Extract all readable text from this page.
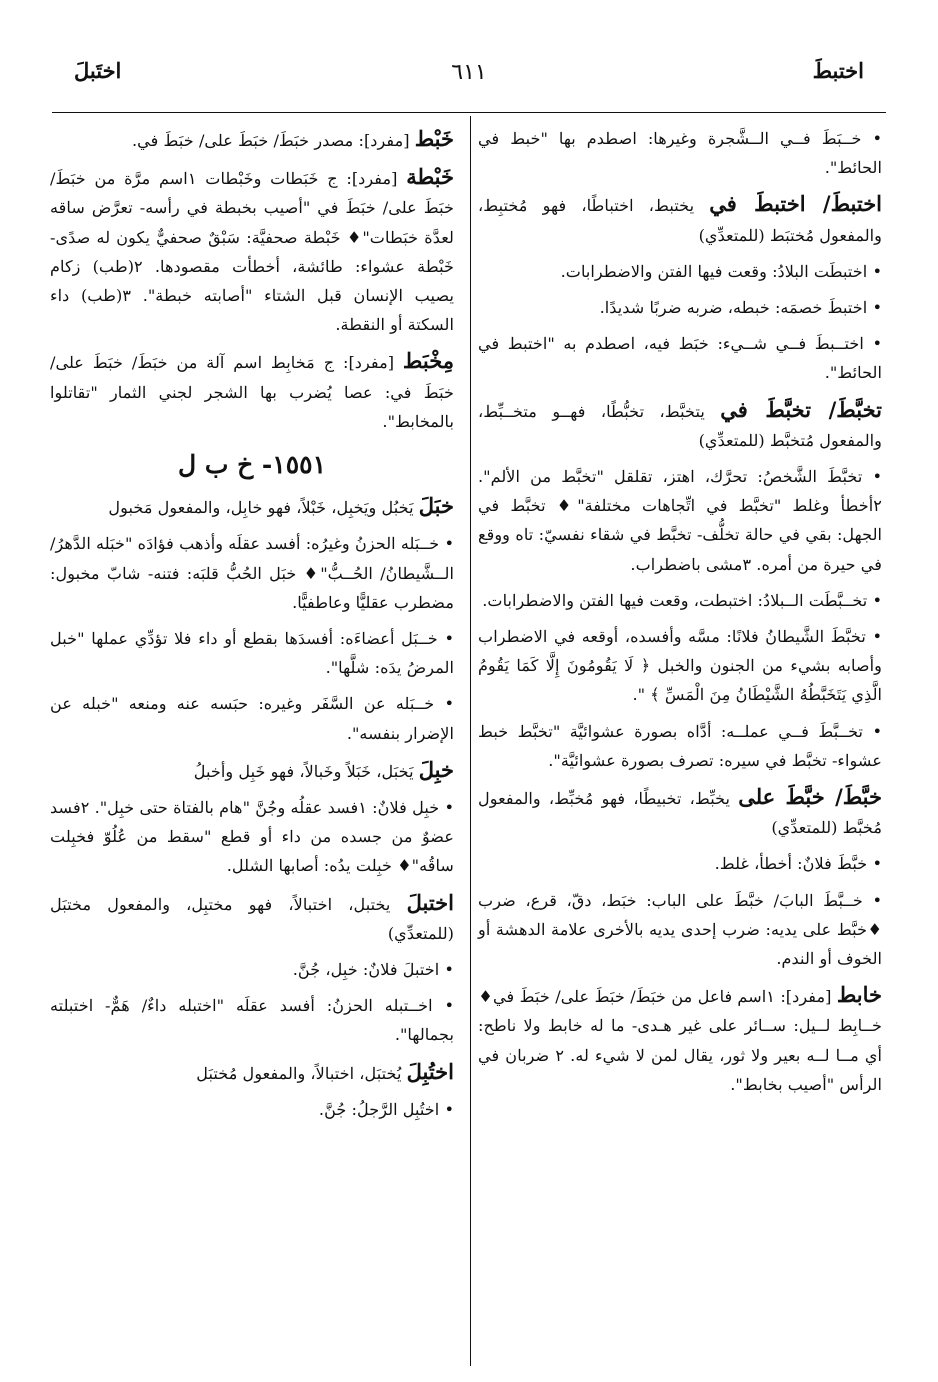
اختبطَ
٦١١
اختَبلَ

• خــبَطَ فــي الــشَّجرة وغيرها: اصطدم بها "خبط في الحائط".

اختبطَ/ اختبطَ في يختبط، اختباطًا، فهو مُختبِط، والمفعول مُختبَط (للمتعدِّي)

• اختبطَت البلادُ: وقعت فيها الفتن والاضطرابات.

• اختبطَ خصمَه: خبطه، ضربه ضربًا شديدًا.

• اختــبطَ فــي شــيء: خبَط فيه، اصطدم به "اختبط في الحائط".

تخبَّطَ/ تخبَّطَ في يتخبَّط، تخبُّطًا، فهــو متخــبِّط، والمفعول مُتخبَّط (للمتعدِّي)

• تخبَّطَ الشَّخصُ: تحرَّك، اهتز، تقلقل "تخبَّط من الألم". ٢أخطأ وغلط "تخبَّط في اتِّجاهات مختلفة"♦ تخبَّط في الجهل: بقي في حالة تخلُّف- تخبَّط في شقاء نفسيّ: تاه ووقع في حيرة من أمره. ٣مشى باضطراب.

• تخــبَّطَت الــبلادُ: اختبطت، وقعت فيها الفتن والاضطرابات.

• تخبَّطَ الشَّيطانُ فلانًا: مسَّه وأفسده، أوقعه في الاضطراب وأصابه بشيء من الجنون والخبل ﴿ لَا يَقُومُونَ إِلَّا كَمَا يَقُومُ الَّذِي يَتَخَبَّطُهُ الشَّيْطَانُ مِنَ الْمَسِّ ﴾ ".

• تخــبَّطَ فــي عملــه: أدَّاه بصورة عشوائيَّة "تخبَّط خبط عشواء- تخبَّط في سيره: تصرف بصورة عشوائيَّة".

خبَّطَ/ خبَّطَ على يخبِّط، تخبيطًا، فهو مُخبِّط، والمفعول مُخبَّط (للمتعدِّي)

• خبَّطَ فلانٌ: أخطأ، غلط.

• خــبَّطَ البابَ/ خبَّطَ على الباب: خبَط، دقّ، قرع، ضرب ♦خبَّط على يديه: ضرب إحدى يديه بالأخرى علامة الدهشة أو الخوف أو الندم.

خابط [مفرد]: ١اسم فاعل من خبَطَ/ خبَطَ على/ خبَطَ في♦ خــابِط لــيل: ســائر على غير هـدى- ما له خابط ولا ناطح: أي مــا لــه بعير ولا ثور، يقال لمن لا شيء له. ٢ ضربان في الرأس "أصيب بخابط".

خَبْط [مفرد]: مصدر خبَطَ/ خبَطَ على/ خبَطَ في.

خَبْطة [مفرد]: ج خَبَطات وخَبْطات ١اسم مرَّة من خبَطَ/ خبَطَ على/ خبَطَ في "أصيب بخبطة في رأسه- تعرَّض ساقه لعدَّة خبَطات"♦ خَبْطة صحفيَّة: سَبْقٌ صحفيٌّ يكون له صدًى- خَبْطة عشواء: طائشة، أخطأت مقصودها. ٢(طب) زكام يصيب الإنسان قبل الشتاء "أصابته خبطة". ٣(طب) داء السكتة أو النقطة.

مِخْبَط [مفرد]: ج مَخابِط اسم آلة من خبَطَ/ خبَطَ على/ خبَطَ في: عصا يُضرب بها الشجر لجني الثمار "تقاتلوا بالمخابط".

١٥٥١- خ ب ل

خبَلَ يَخبُل ويَخبِل، خَبْلاً، فهو خابِل، والمفعول مَخبول

• خــبَله الحزنُ وغيرُه: أفسد عقلَه وأذهب فؤادَه "خبَله الدَّهرُ/ الــشَّيطانُ/ الحُــبُّ"♦ خبَل الحُبُّ قلبَه: فتنه- شابّ مخبول: مضطرب عقليًّا وعاطفيًّا.

• خــبَل أعضاءَه: أفسدَها بقطع أو داء فلا تؤدِّي عملها "خبل المرضُ يدَه: شلَّها".

• خــبَله عن السَّفَر وغيره: حبَسه عنه ومنعه "خبله عن الإضرار بنفسه".

خبِلَ يَخبَل، خَبَلاً وخَبالاً، فهو خَبِل وأخبلُ

• خبِل فلانٌ: ١فسد عقلُه وجُنَّ "هام بالفتاة حتى خبِل". ٢فسد عضوٌ من جسده من داء أو قطع "سقط من عُلُوّ فخبِلت ساقُه"♦ خبِلت يدُه: أصابها الشلل.

اختبلَ يختبل، اختبالاً، فهو مختبِل، والمفعول مختبَل (للمتعدِّي)

• اختبلَ فلانٌ: خبِل، جُنَّ.

• اخــتبله الحزنُ: أفسد عقلَه "اختبله داءٌ/ هَمٌّ- اختبلته بجمالها".

اختُبِلَ يُختبَل، اختبالاً، والمفعول مُختبَل

• اختُبِل الرَّجلُ: جُنَّ.
